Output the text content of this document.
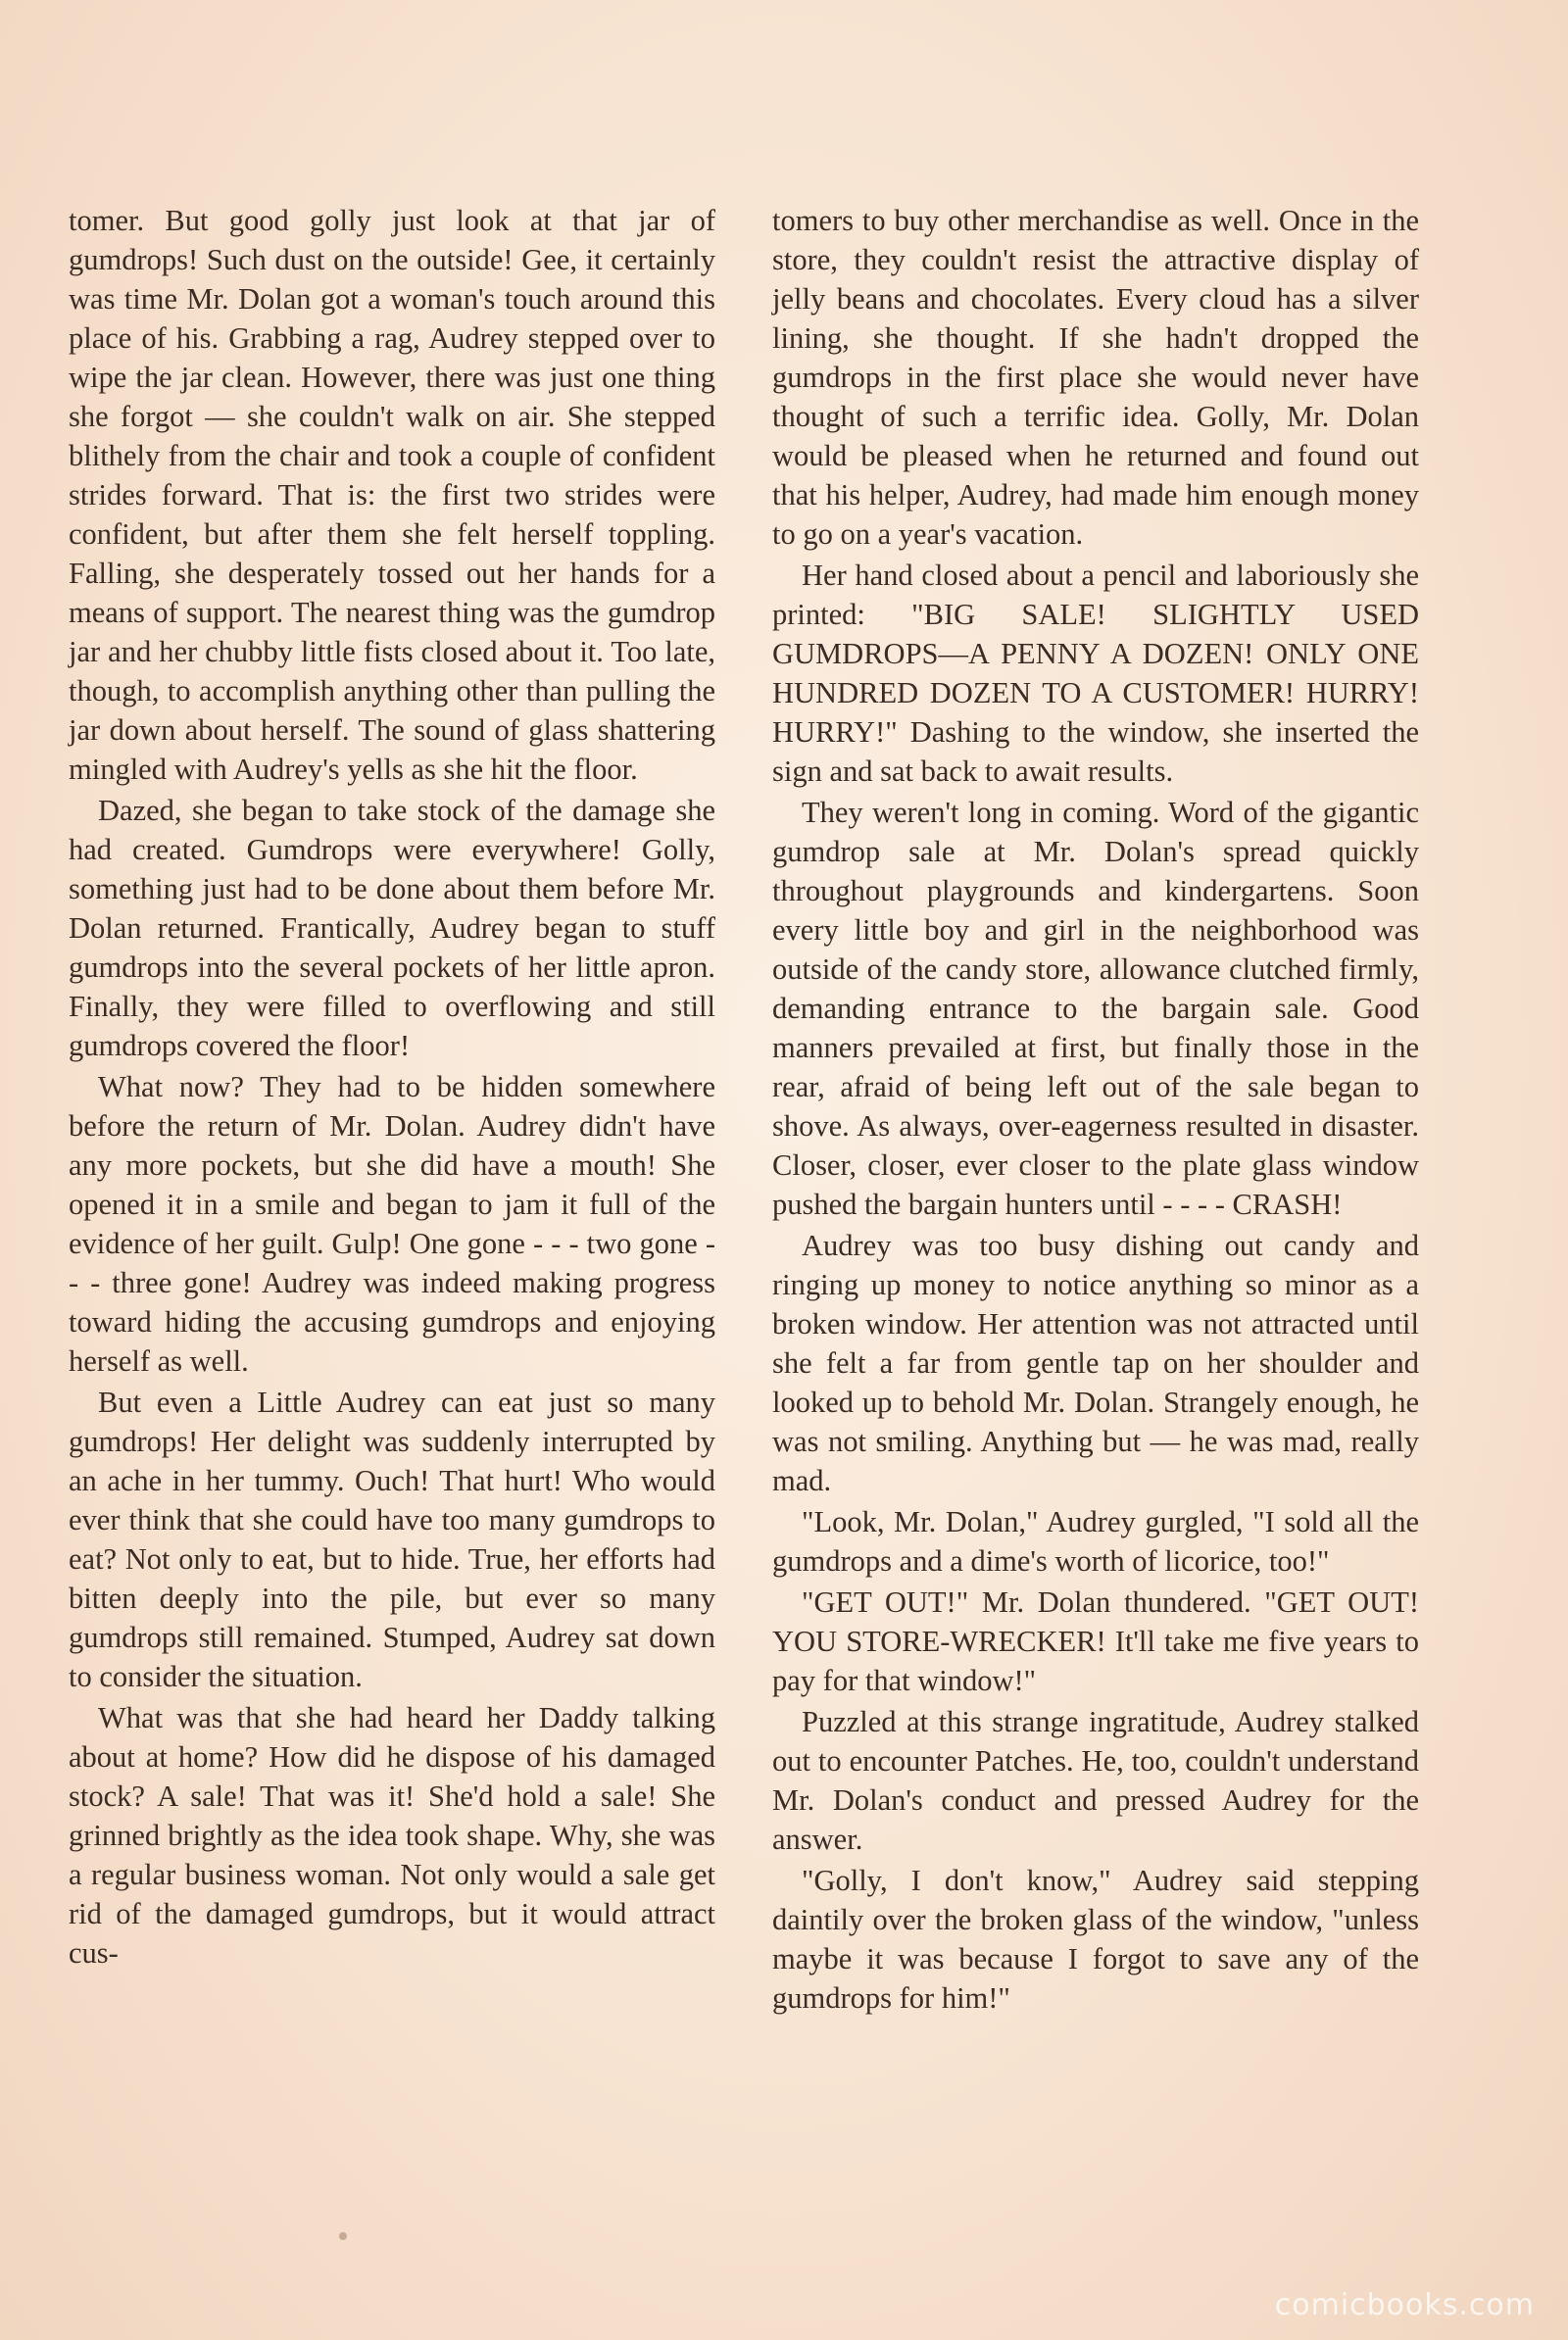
tomer. But good golly just look at that jar of gumdrops! Such dust on the outside! Gee, it certainly was time Mr. Dolan got a woman's touch around this place of his. Grabbing a rag, Audrey stepped over to wipe the jar clean. However, there was just one thing she forgot — she couldn't walk on air. She stepped blithely from the chair and took a couple of confident strides forward. That is: the first two strides were confident, but after them she felt herself toppling. Falling, she desperately tossed out her hands for a means of support. The nearest thing was the gumdrop jar and her chubby little fists closed about it. Too late, though, to accomplish anything other than pulling the jar down about herself. The sound of glass shattering mingled with Audrey's yells as she hit the floor.

Dazed, she began to take stock of the damage she had created. Gumdrops were everywhere! Golly, something just had to be done about them before Mr. Dolan returned. Frantically, Audrey began to stuff gumdrops into the several pockets of her little apron. Finally, they were filled to overflowing and still gumdrops covered the floor!

What now? They had to be hidden somewhere before the return of Mr. Dolan. Audrey didn't have any more pockets, but she did have a mouth! She opened it in a smile and began to jam it full of the evidence of her guilt. Gulp! One gone - - - two gone - - - three gone! Audrey was indeed making progress toward hiding the accusing gumdrops and enjoying herself as well.

But even a Little Audrey can eat just so many gumdrops! Her delight was suddenly interrupted by an ache in her tummy. Ouch! That hurt! Who would ever think that she could have too many gumdrops to eat? Not only to eat, but to hide. True, her efforts had bitten deeply into the pile, but ever so many gumdrops still remained. Stumped, Audrey sat down to consider the situation.

What was that she had heard her Daddy talking about at home? How did he dispose of his damaged stock? A sale! That was it! She'd hold a sale! She grinned brightly as the idea took shape. Why, she was a regular business woman. Not only would a sale get rid of the damaged gumdrops, but it would attract cus-

tomers to buy other merchandise as well. Once in the store, they couldn't resist the attractive display of jelly beans and chocolates. Every cloud has a silver lining, she thought. If she hadn't dropped the gumdrops in the first place she would never have thought of such a terrific idea. Golly, Mr. Dolan would be pleased when he returned and found out that his helper, Audrey, had made him enough money to go on a year's vacation.

Her hand closed about a pencil and laboriously she printed: "BIG SALE! SLIGHTLY USED GUMDROPS—A PENNY A DOZEN! ONLY ONE HUNDRED DOZEN TO A CUSTOMER! HURRY! HURRY!" Dashing to the window, she inserted the sign and sat back to await results.

They weren't long in coming. Word of the gigantic gumdrop sale at Mr. Dolan's spread quickly throughout playgrounds and kindergartens. Soon every little boy and girl in the neighborhood was outside of the candy store, allowance clutched firmly, demanding entrance to the bargain sale. Good manners prevailed at first, but finally those in the rear, afraid of being left out of the sale began to shove. As always, over-eagerness resulted in disaster. Closer, closer, ever closer to the plate glass window pushed the bargain hunters until - - - - CRASH!

Audrey was too busy dishing out candy and ringing up money to notice anything so minor as a broken window. Her attention was not attracted until she felt a far from gentle tap on her shoulder and looked up to behold Mr. Dolan. Strangely enough, he was not smiling. Anything but — he was mad, really mad.

"Look, Mr. Dolan," Audrey gurgled, "I sold all the gumdrops and a dime's worth of licorice, too!"

"GET OUT!" Mr. Dolan thundered. "GET OUT! YOU STORE-WRECKER! It'll take me five years to pay for that window!"

Puzzled at this strange ingratitude, Audrey stalked out to encounter Patches. He, too, couldn't understand Mr. Dolan's conduct and pressed Audrey for the answer.

"Golly, I don't know," Audrey said stepping daintily over the broken glass of the window, "unless maybe it was because I forgot to save any of the gumdrops for him!"

comicbooks.com
